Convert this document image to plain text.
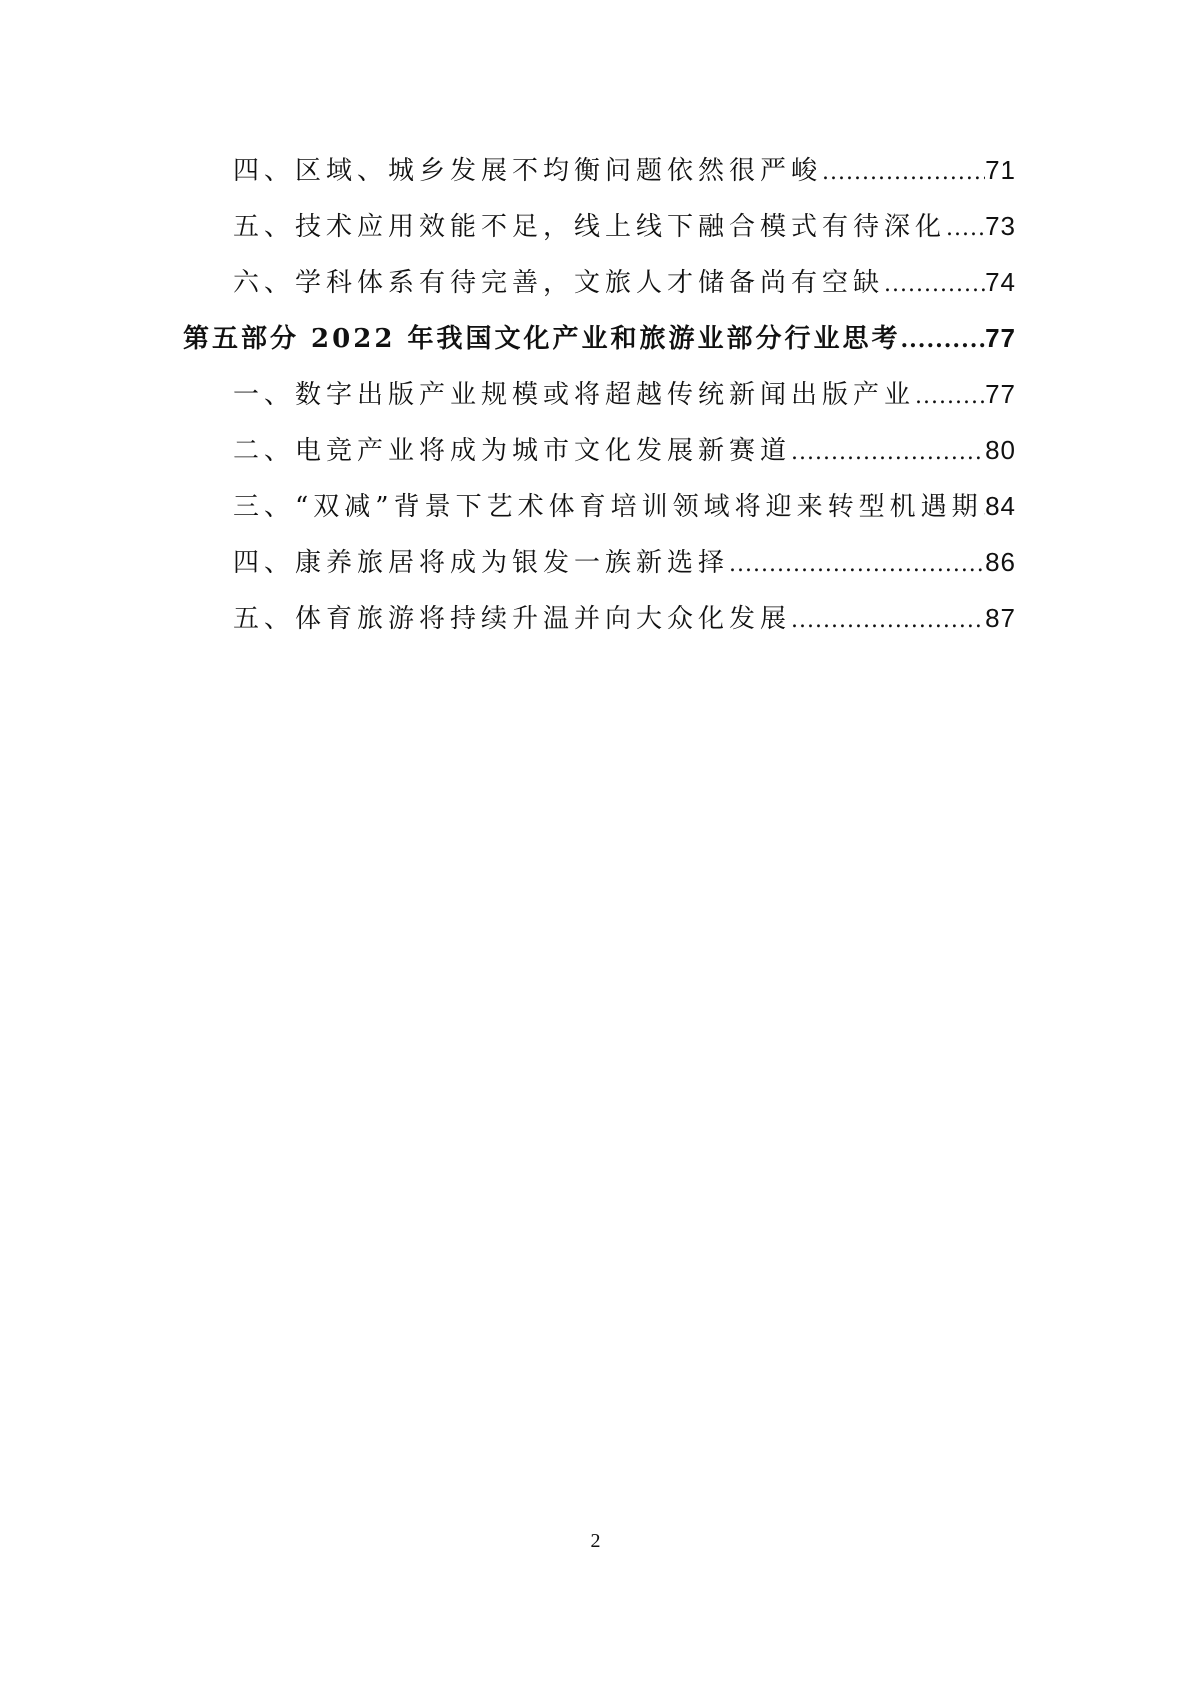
四、区域、城乡发展不均衡问题依然很严峻 .....	71
五、技术应用效能不足，线上线下融合模式有待深化 ..... 73
六、学科体系有待完善，文旅人才储备尚有空缺 .....	74
第五部分 2022 年我国文化产业和旅游业部分行业思考 .....	77
一、数字出版产业规模或将超越传统新闻出版产业 .....	77
二、电竞产业将成为城市文化发展新赛道 .....	80
三、“双减”背景下艺术体育培训领域将迎来转型机遇期 ..... 84
四、康养旅居将成为银发一族新选择 .....	86
五、体育旅游将持续升温并向大众化发展 .....	87
2
